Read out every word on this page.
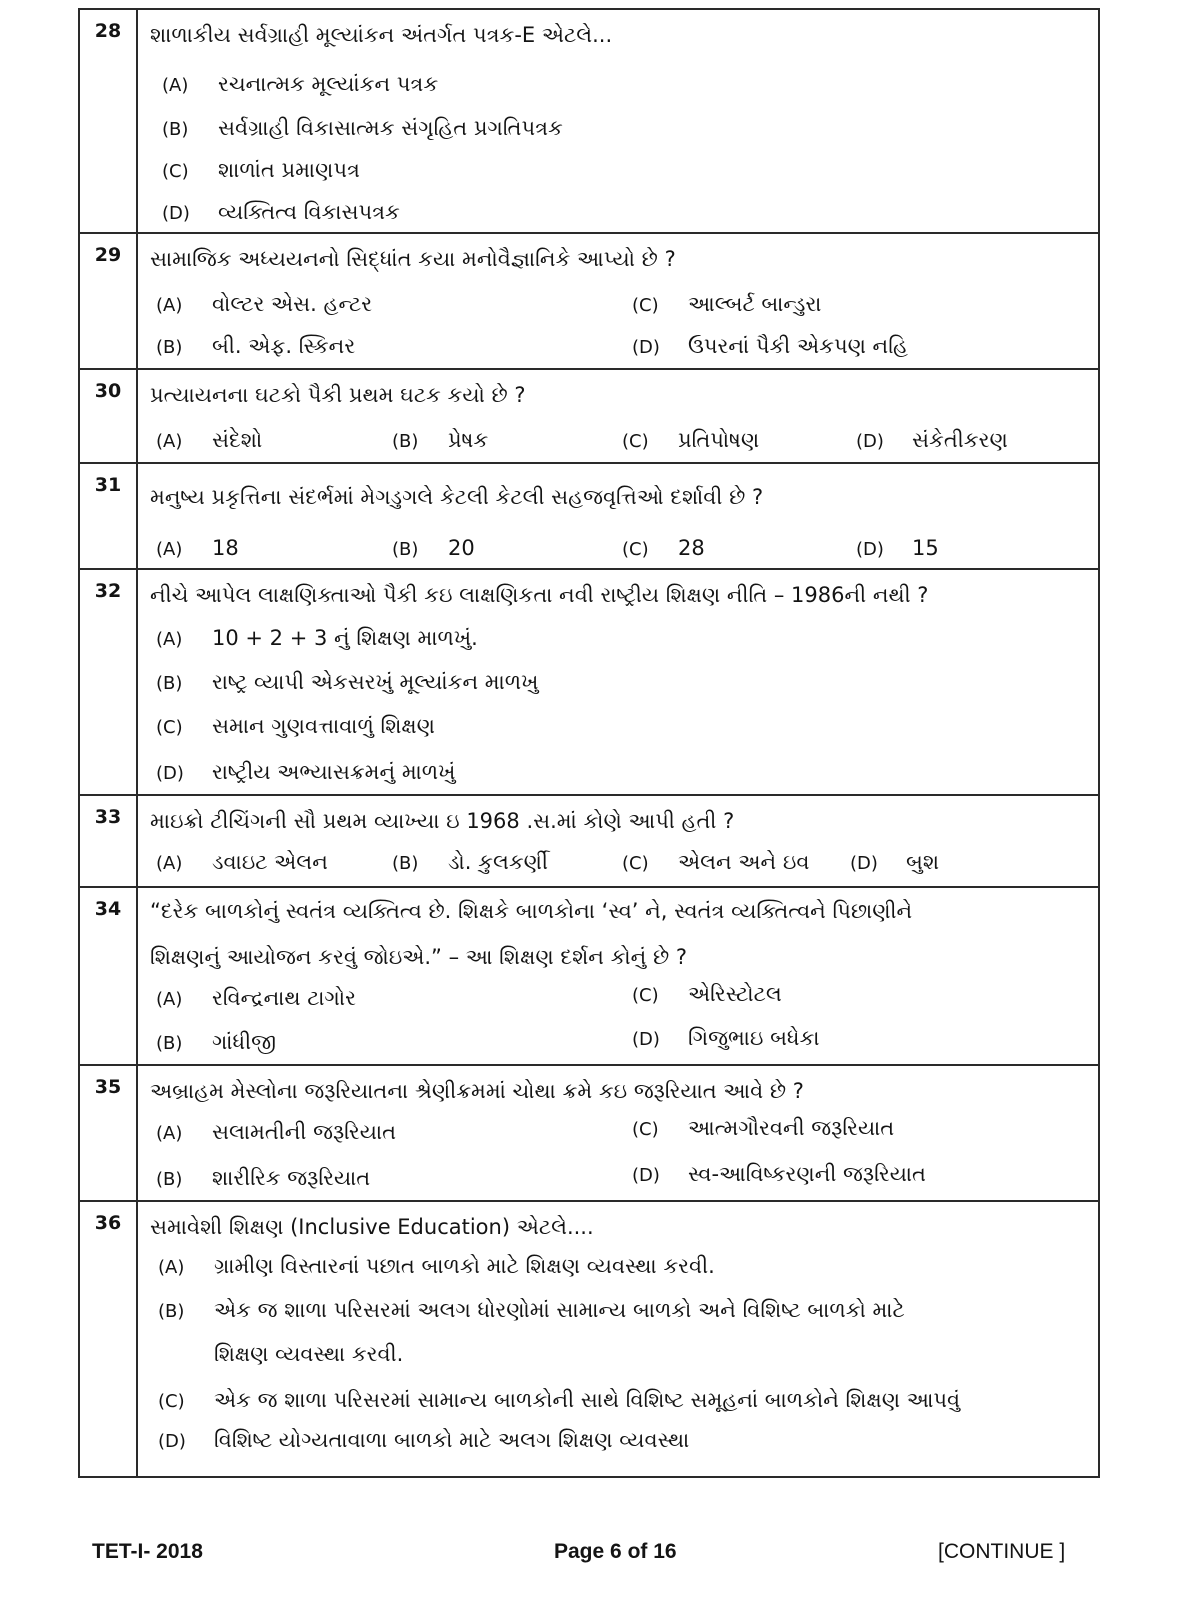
28	શાળાકીય સર્વગ્રાહી મૂલ્યાંકન અંતર્ગત પત્રક-E એટલે...
(A) રચનાત્મક મૂલ્યાંકન પત્રક
(B) સર્વગ્રાહી વિકાસાત્મક સંગૃહિત પ્રગતિપત્રક
(C) શાળાંત પ્રમાણપત્ર
(D) વ્યક્તિત્વ વિકાસપત્રક
29	સામાજિક અધ્યયનનો સિદ્ધાંત કયા મનોવૈજ્ઞાનિકે આપ્યો છે ?
(A) વોલ્ટર એસ. હન્ટર	(C) આલ્બર્ટ બાન્ડુરા
(B) બી. એફ. સ્કિનર	(D) ઉપરનાં પૈકી એકપણ નહિ
30	પ્રત્યાયનના ઘટકો પૈકી પ્રથમ ઘટક કયો છે ?
(A) સંદેશો	(B) પ્રેષક	(C) પ્રતિપોષણ	(D) સંકેતીકરણ
31	મનુષ્ય પ્રકૃત્તિના સંદર્ભમાં મેગડુગલે કેટલી કેટલી સહજવૃત્તિઓ દર્શાવી છે ?
(A) 18	(B) 20	(C) 28	(D) 15
32	નીચે આપેલ લાક્ષણિક્તાઓ પૈકી કઇ લાક્ષણિકતા નવી રાષ્ટ્રીય શિક્ષણ નીતિ – 1986ની નથી ?
(A) 10 + 2 + 3 નું શિક્ષણ માળખું.
(B) રાષ્ટ્ર વ્યાપી એકસરખું મૂલ્યાંકન માળખુ
(C) સમાન ગુણવત્તાવાળું શિક્ષણ
(D) રાષ્ટ્રીય અભ્યાસક્રમનું માળખું
33	માઇક્રો ટીચિંગની સૌ પ્રથમ વ્યાખ્યા ઇ 1968 .સ.માં કોણે આપી હતી ?
(A) ડવાઇટ એલન	(B) ડો. કુલકર્ણી	(C) એલન અને ઇવ (D) બુશ
34	“દરેક બાળકોનું સ્વતંત્ર વ્યક્તિત્વ છે. શિક્ષકે બાળકોના ‘સ્વ’ ને, સ્વતંત્ર વ્યક્તિત્વને પિછાણીને
શિક્ષણનું આયોજન કરવું જોઇએ.” – આ શિક્ષણ દર્શન કોનું છે ?
(A) રવિન્દ્રનાથ ટાગોર	(C) એરિસ્ટોટલ
(B) ગાંધીજી	(D) ગિજુભાઇ બધેકા
35	અબ્રાહમ મેસ્લોના જરૂરિયાતના શ્રેણીક્રમમાં ચોથા ક્રમે કઇ જરૂરિયાત આવે છે ?
(A) સલામતીની જરૂરિયાત	(C) આત્મગૌરવની જરૂરિયાત
(B) શારીરિક જરૂરિયાત	(D) સ્વ-આવિષ્કરણની જરૂરિયાત
36	સમાવેશી શિક્ષણ (Inclusive Education) એટલે....
(A) ગ્રામીણ વિસ્તારનાં પછાત બાળકો માટે શિક્ષણ વ્યવસ્થા કરવી.
(B) એક જ શાળા પરિસરમાં અલગ ધોરણોમાં સામાન્ય બાળકો અને વિશિષ્ટ બાળકો માટે
શિક્ષણ વ્યવસ્થા કરવી.
(C) એક જ શાળા પરિસરમાં સામાન્ય બાળકોની સાથે વિશિષ્ટ સમૂહનાં બાળકોને શિક્ષણ આપવું
(D) વિશિષ્ટ યોગ્યતાવાળા બાળકો માટે અલગ શિક્ષણ વ્યવસ્થા
TET-I- 2018	Page 6 of 16	[CONTINUE ]
